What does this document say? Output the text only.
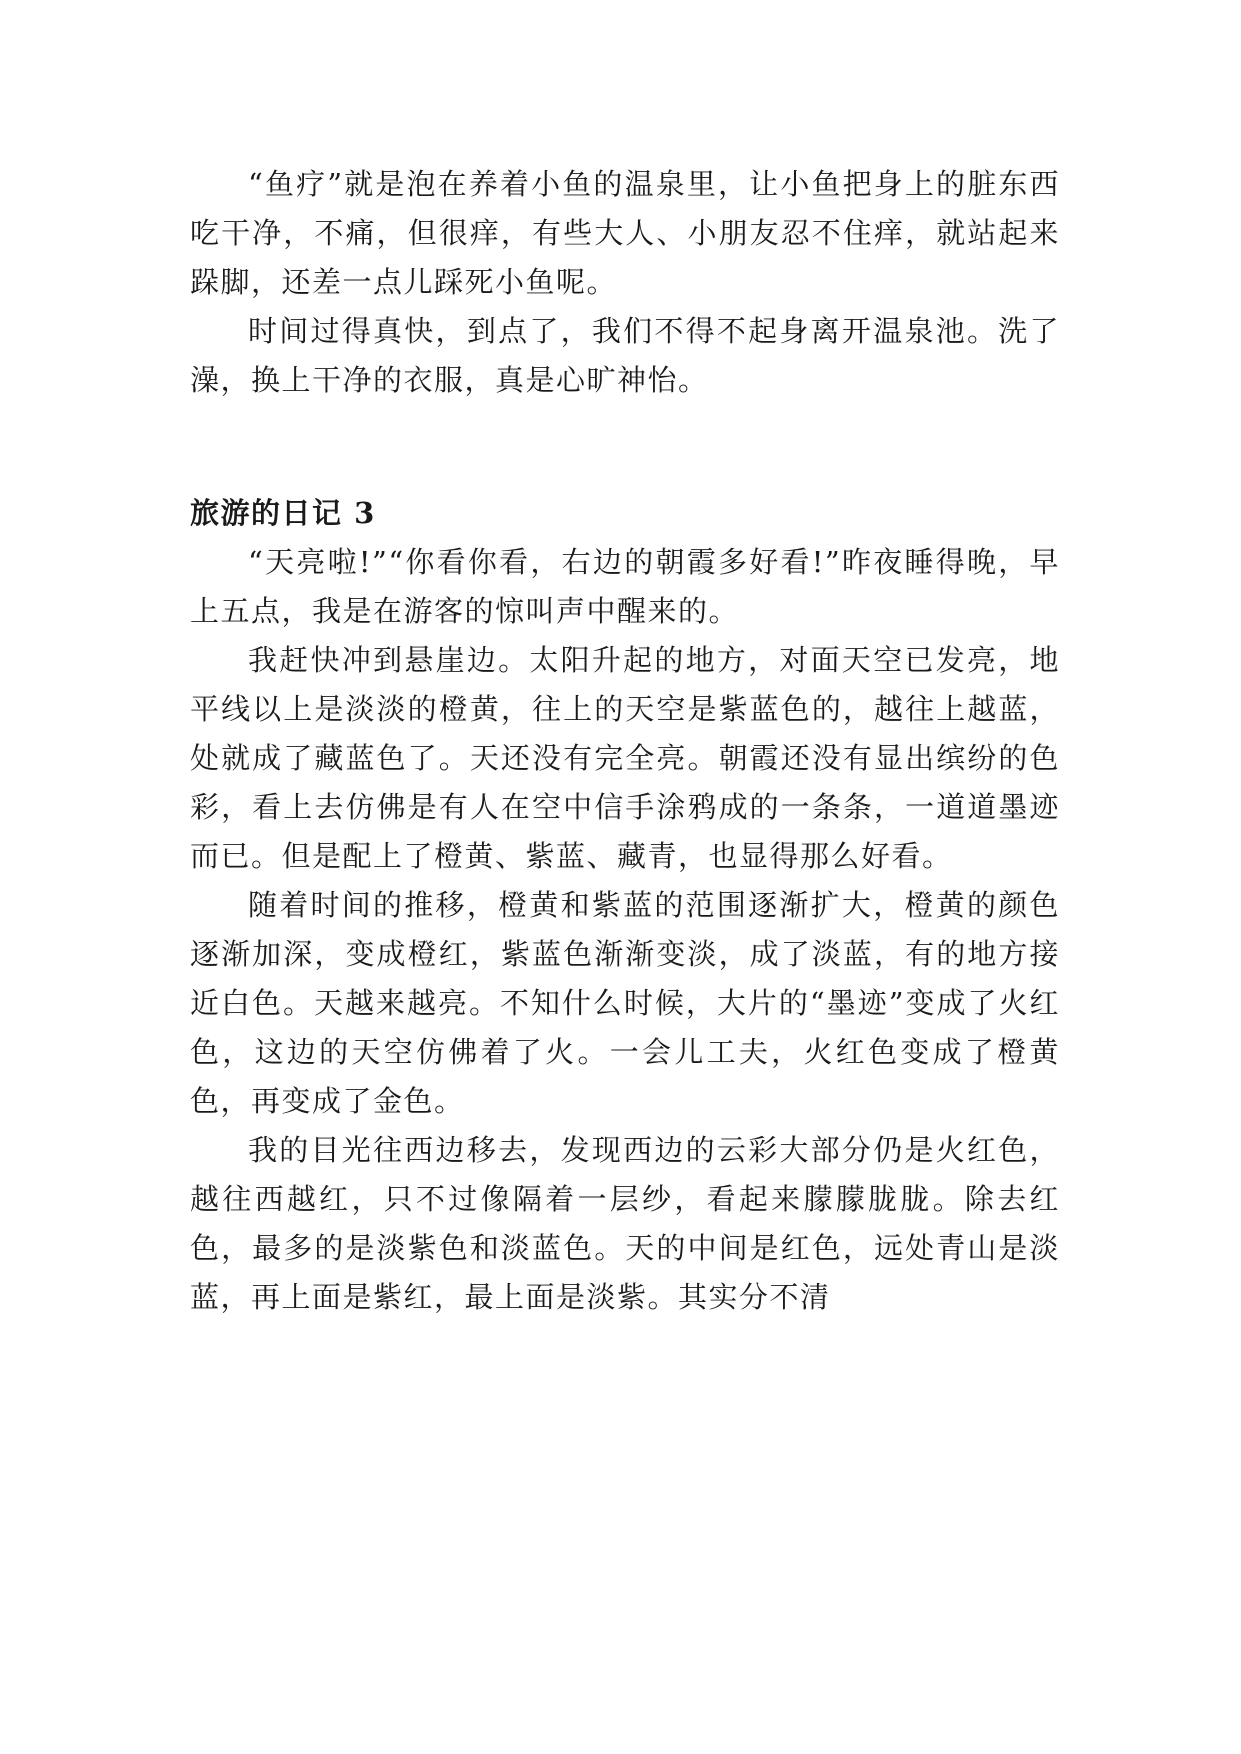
“鱼疗”就是泡在养着小鱼的温泉里，让小鱼把身上的脏东西吃干净，不痛，但很痒，有些大人、小朋友忍不住痒，就站起来跺脚，还差一点儿踩死小鱼呢。

时间过得真快，到点了，我们不得不起身离开温泉池。洗了澡，换上干净的衣服，真是心旷神怡。

旅游的日记 3

“天亮啦!”“你看你看，右边的朝霞多好看!”昨夜睡得晚，早上五点，我是在游客的惊叫声中醒来的。

我赶快冲到悬崖边。太阳升起的地方，对面天空已发亮，地平线以上是淡淡的橙黄，往上的天空是紫蓝色的，越往上越蓝，处就成了藏蓝色了。天还没有完全亮。朝霞还没有显出缤纷的色彩，看上去仿佛是有人在空中信手涂鸦成的一条条，一道道墨迹而已。但是配上了橙黄、紫蓝、藏青，也显得那么好看。

随着时间的推移，橙黄和紫蓝的范围逐渐扩大，橙黄的颜色逐渐加深，变成橙红，紫蓝色渐渐变淡，成了淡蓝，有的地方接近白色。天越来越亮。不知什么时候，大片的“墨迹”变成了火红色，这边的天空仿佛着了火。一会儿工夫，火红色变成了橙黄色，再变成了金色。

我的目光往西边移去，发现西边的云彩大部分仍是火红色，越往西越红，只不过像隔着一层纱，看起来朦朦胧胧。除去红色，最多的是淡紫色和淡蓝色。天的中间是红色，远处青山是淡蓝，再上面是紫红，最上面是淡紫。其实分不清
